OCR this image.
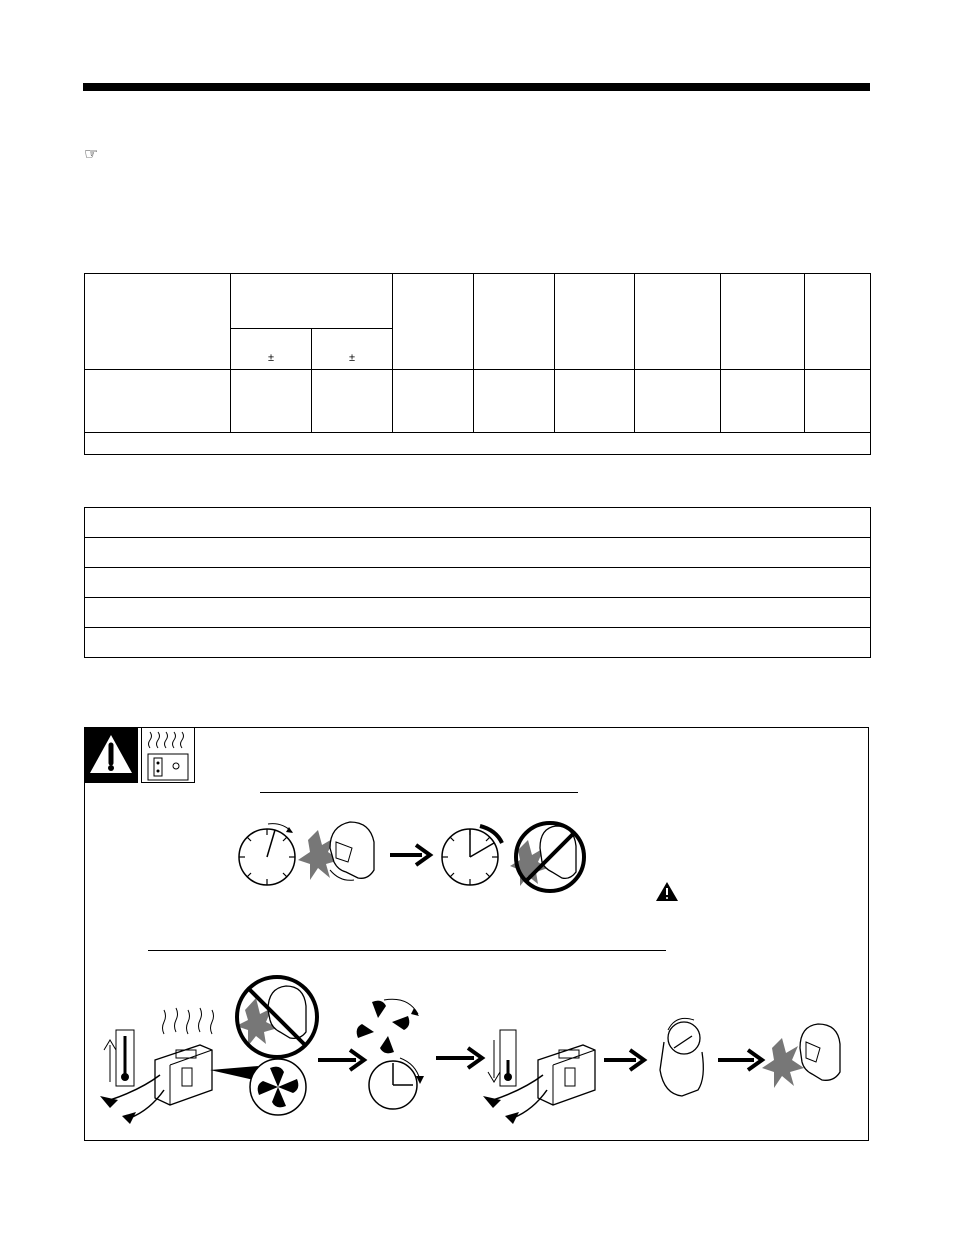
☞

	±	±						
